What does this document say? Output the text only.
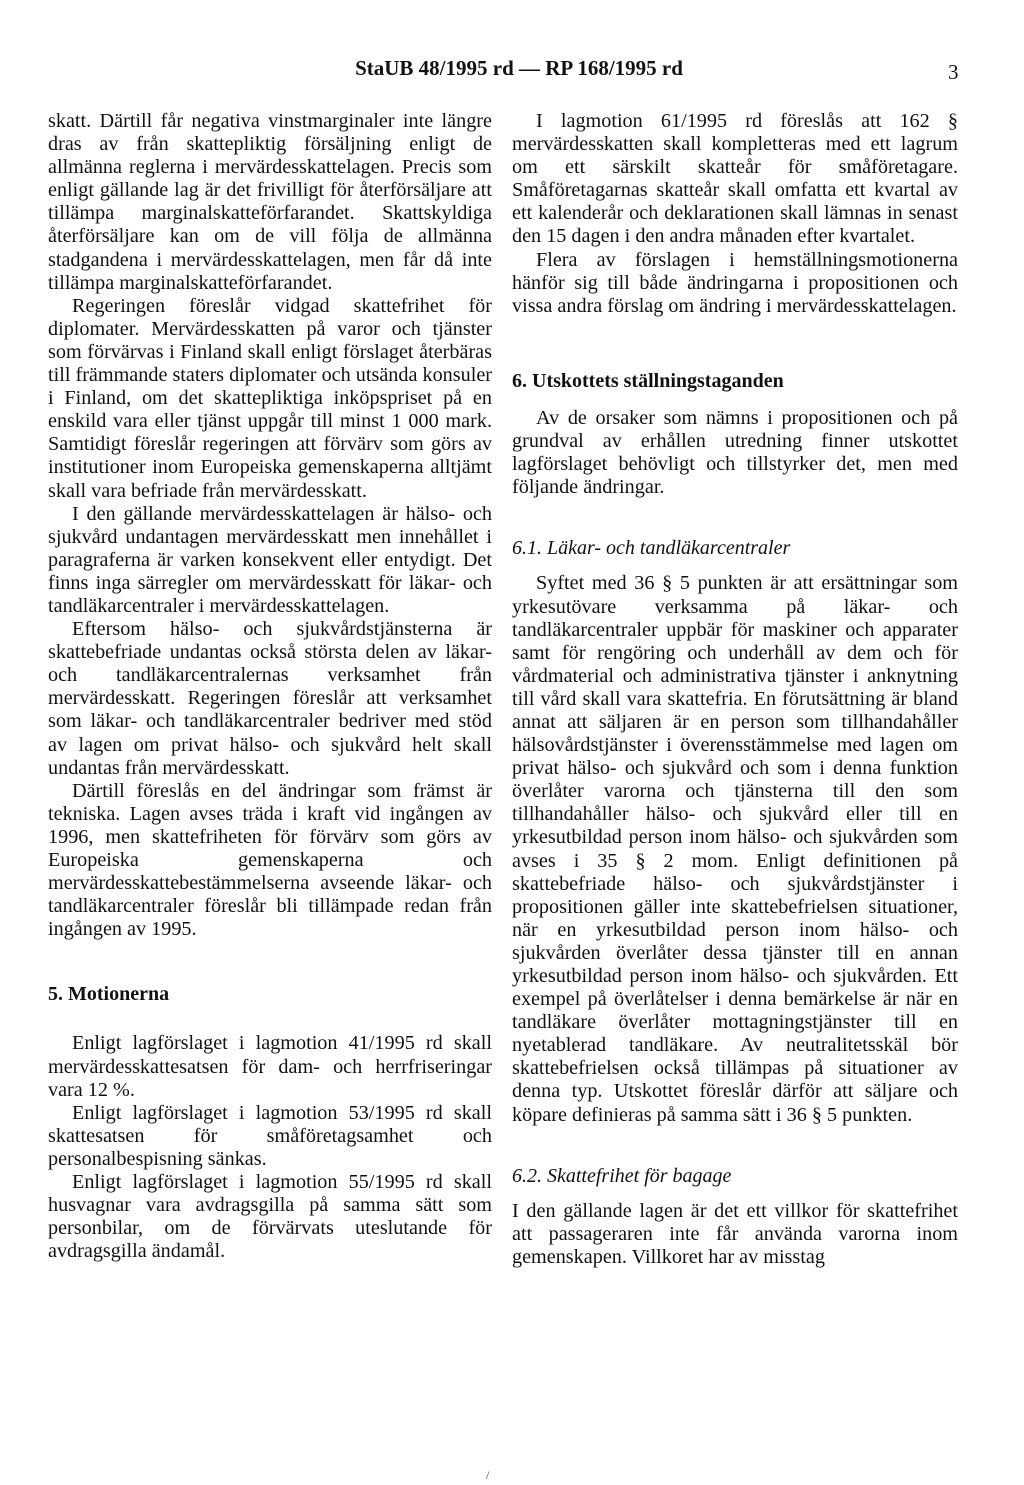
StaUB 48/1995 rd — RP 168/1995 rd	3

skatt. Därtill får negativa vinstmarginaler inte längre dras av från skattepliktig försäljning enligt de allmänna reglerna i mervärdesskattelagen. Precis som enligt gällande lag är det frivilligt för återförsäljare att tillämpa marginalskatteförfarandet. Skattskyldiga återförsäljare kan om de vill följa de allmänna stadgandena i mervärdesskattelagen, men får då inte tillämpa marginalskatteförfarandet.

Regeringen föreslår vidgad skattefrihet för diplomater. Mervärdesskatten på varor och tjänster som förvärvas i Finland skall enligt förslaget återbäras till främmande staters diplomater och utsända konsuler i Finland, om det skattepliktiga inköpspriset på en enskild vara eller tjänst uppgår till minst 1 000 mark. Samtidigt föreslår regeringen att förvärv som görs av institutioner inom Europeiska gemenskaperna alltjämt skall vara befriade från mervärdesskatt.

I den gällande mervärdesskattelagen är hälso- och sjukvård undantagen mervärdesskatt men innehållet i paragraferna är varken konsekvent eller entydigt. Det finns inga särregler om mervärdesskatt för läkar- och tandläkarcentraler i mervärdesskattelagen.

Eftersom hälso- och sjukvårdstjänsterna är skattebefriade undantas också största delen av läkar- och tandläkarcentralernas verksamhet från mervärdesskatt. Regeringen föreslår att verksamhet som läkar- och tandläkarcentraler bedriver med stöd av lagen om privat hälso- och sjukvård helt skall undantas från mervärdesskatt.

Därtill föreslås en del ändringar som främst är tekniska. Lagen avses träda i kraft vid ingången av 1996, men skattefriheten för förvärv som görs av Europeiska gemenskaperna och mervärdesskattebestämmelserna avseende läkar- och tandläkarcentraler föreslår bli tillämpade redan från ingången av 1995.

5. Motionerna

Enligt lagförslaget i lagmotion 41/1995 rd skall mervärdesskattesatsen för dam- och herrfriseringar vara 12 %.

Enligt lagförslaget i lagmotion 53/1995 rd skall skattesatsen för småföretagsamhet och personalbespisning sänkas.

Enligt lagförslaget i lagmotion 55/1995 rd skall husvagnar vara avdragsgilla på samma sätt som personbilar, om de förvärvats uteslutande för avdragsgilla ändamål.

I lagmotion 61/1995 rd föreslås att 162 § mervärdesskatten skall kompletteras med ett lagrum om ett särskilt skatteår för småföretagare. Småföretagarnas skatteår skall omfatta ett kvartal av ett kalenderår och deklarationen skall lämnas in senast den 15 dagen i den andra månaden efter kvartalet.

Flera av förslagen i hemställningsmotionerna hänför sig till både ändringarna i propositionen och vissa andra förslag om ändring i mervärdesskattelagen.

6. Utskottets ställningstaganden

Av de orsaker som nämns i propositionen och på grundval av erhållen utredning finner utskottet lagförslaget behövligt och tillstyrker det, men med följande ändringar.

6.1. Läkar- och tandläkarcentraler

Syftet med 36 § 5 punkten är att ersättningar som yrkesutövare verksamma på läkar- och tandläkarcentraler uppbär för maskiner och apparater samt för rengöring och underhåll av dem och för vårdmaterial och administrativa tjänster i anknytning till vård skall vara skattefria. En förutsättning är bland annat att säljaren är en person som tillhandahåller hälsovårdstjänster i överensstämmelse med lagen om privat hälso- och sjukvård och som i denna funktion överlåter varorna och tjänsterna till den som tillhandahåller hälso- och sjukvård eller till en yrkesutbildad person inom hälso- och sjukvården som avses i 35 § 2 mom. Enligt definitionen på skattebefriade hälso- och sjukvårdstjänster i propositionen gäller inte skattebefrielsen situationer, när en yrkesutbildad person inom hälso- och sjukvården överlåter dessa tjänster till en annan yrkesutbildad person inom hälso- och sjukvården. Ett exempel på överlåtelser i denna bemärkelse är när en tandläkare överlåter mottagningstjänster till en nyetablerad tandläkare. Av neutralitetsskäl bör skattebefrielsen också tillämpas på situationer av denna typ. Utskottet föreslår därför att säljare och köpare definieras på samma sätt i 36 § 5 punkten.

6.2. Skattefrihet för bagage

I den gällande lagen är det ett villkor för skattefrihet att passageraren inte får använda varorna inom gemenskapen. Villkoret har av misstag

/
